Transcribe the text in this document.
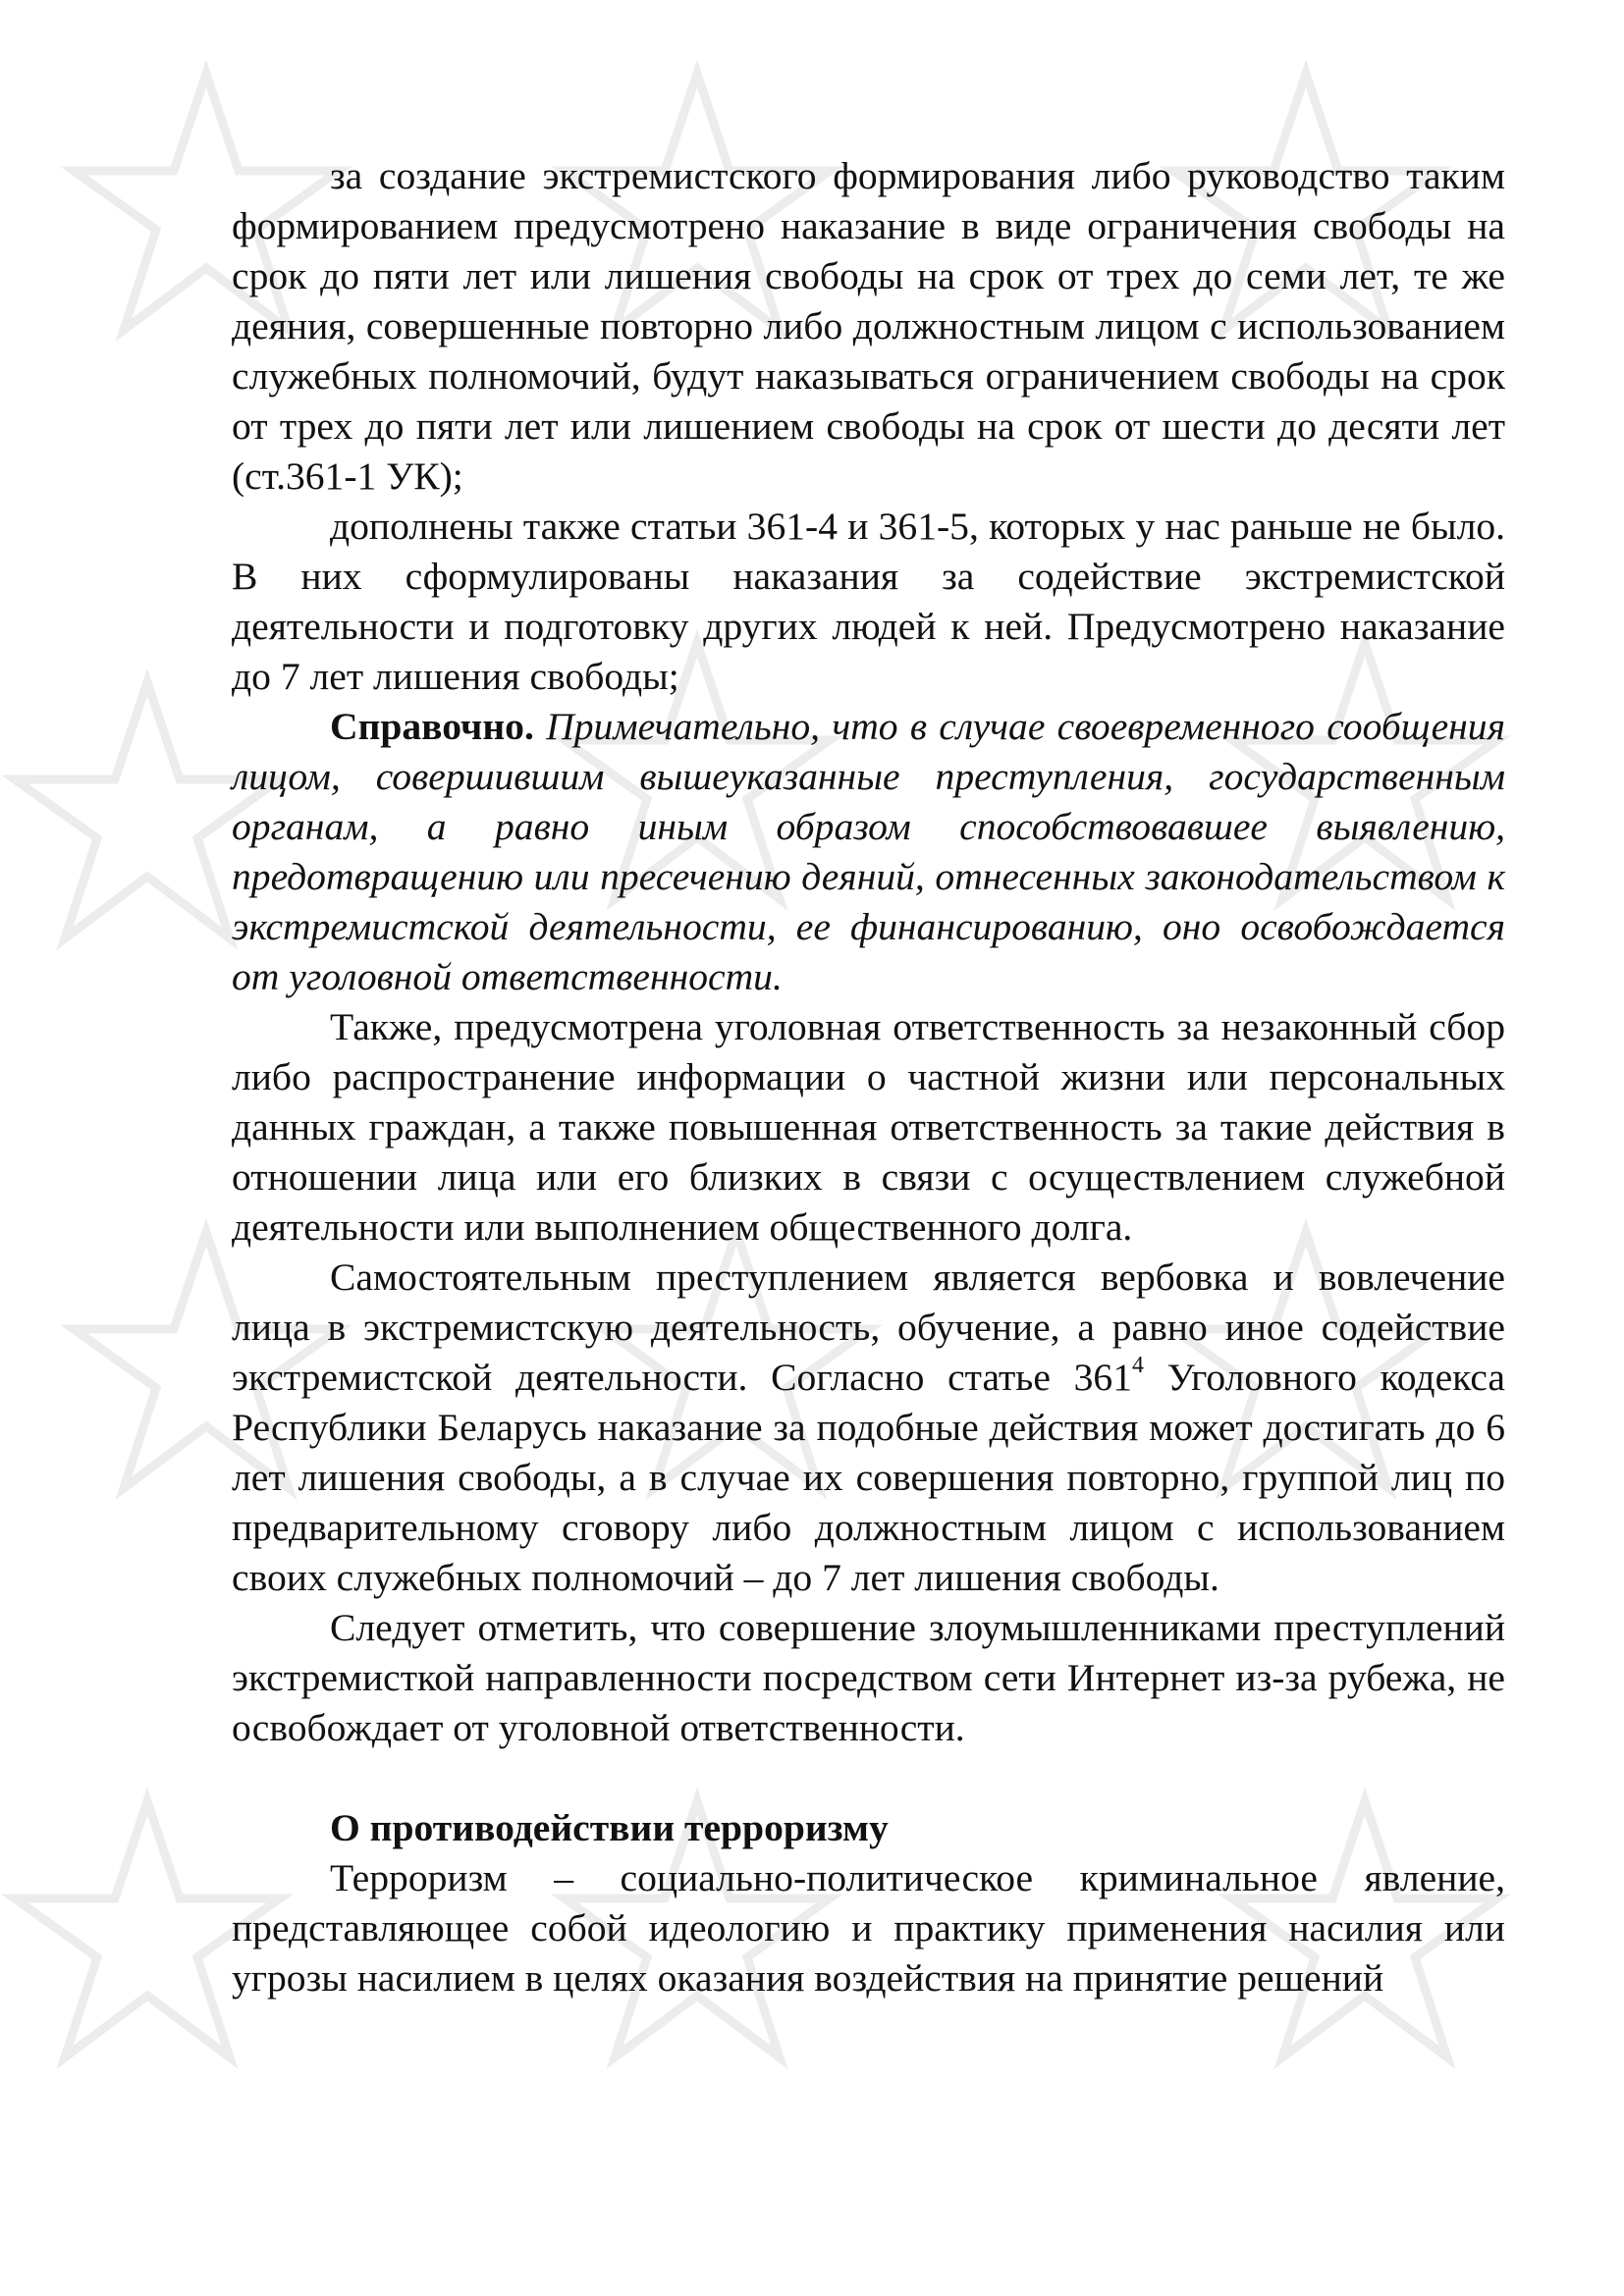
за создание экстремистского формирования либо руководство таким формированием предусмотрено наказание в виде ограничения свободы на срок до пяти лет или лишения свободы на срок от трех до семи лет, те же деяния, совершенные повторно либо должностным лицом с использованием служебных полномочий, будут наказываться ограничением свободы на срок от трех до пяти лет или лишением свободы на срок от шести до десяти лет (ст.361-1 УК);

дополнены также статьи 361-4 и 361-5, которых у нас раньше не было. В них сформулированы наказания за содействие экстремистской деятельности и подготовку других людей к ней. Предусмотрено наказание до 7 лет лишения свободы;

Справочно. Примечательно, что в случае своевременного сообщения лицом, совершившим вышеуказанные преступления, государственным органам, а равно иным образом способствовавшее выявлению, предотвращению или пресечению деяний, отнесенных законодательством к экстремистской деятельности, ее финансированию, оно освобождается от уголовной ответственности.

Также, предусмотрена уголовная ответственность за незаконный сбор либо распространение информации о частной жизни или персональных данных граждан, а также повышенная ответственность за такие действия в отношении лица или его близких в связи с осуществлением служебной деятельности или выполнением общественного долга.

Самостоятельным преступлением является вербовка и вовлечение лица в экстремистскую деятельность, обучение, а равно иное содействие экстремистской деятельности. Согласно статье $361^4$ Уголовного кодекса Республики Беларусь наказание за подобные действия может достигать до 6 лет лишения свободы, а в случае их совершения повторно, группой лиц по предварительному сговору либо должностным лицом с использованием своих служебных полномочий – до 7 лет лишения свободы.

Следует отметить, что совершение злоумышленниками преступлений экстремисткой направленности посредством сети Интернет из-за рубежа, не освобождает от уголовной ответственности.

О противодействии терроризму

Терроризм – социально-политическое криминальное явление, представляющее собой идеологию и практику применения насилия или угрозы насилием в целях оказания воздействия на принятие решений
